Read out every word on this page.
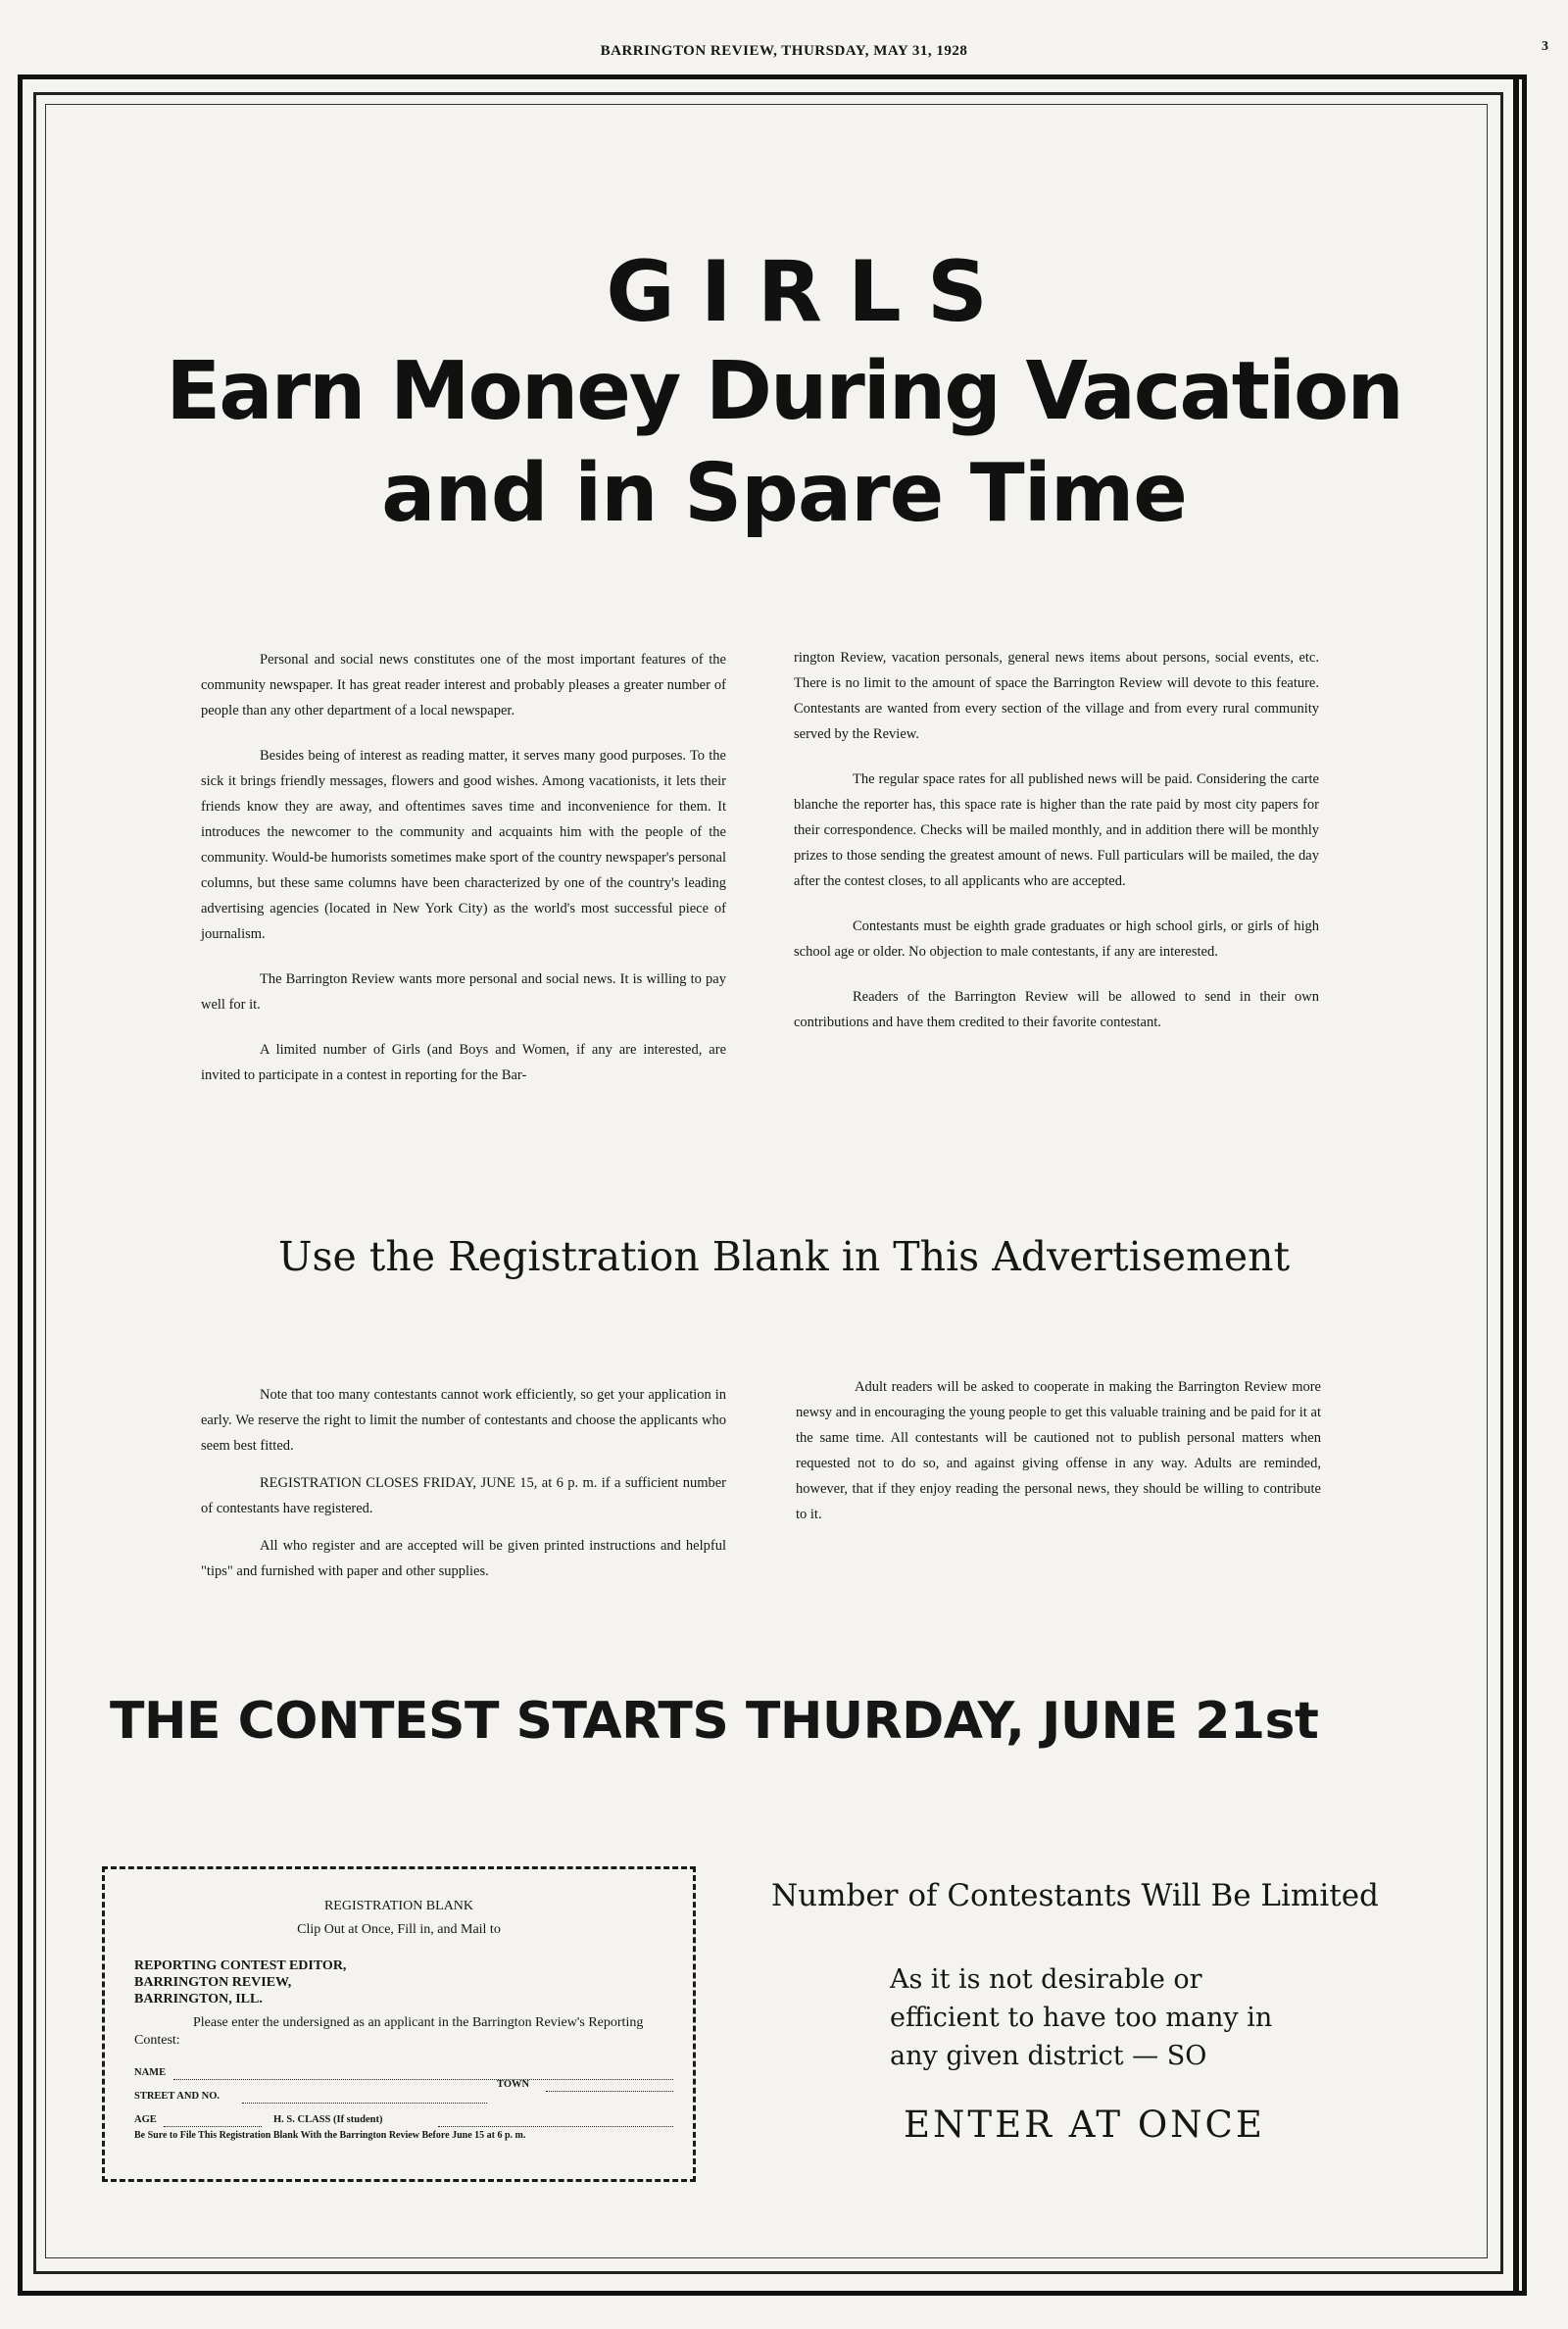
BARRINGTON REVIEW, THURSDAY, MAY 31, 1928	3
GIRLS
Earn Money During Vacation
and in Spare Time

Personal and social news constitutes one of the most important features of the community newspaper. It has great reader interest and probably pleases a greater number of people than any other department of a local newspaper.

Besides being of interest as reading matter, it serves many good purposes. To the sick it brings friendly messages, flowers and good wishes. Among vacationists, it lets their friends know they are away, and oftentimes saves time and inconvenience for them. It introduces the newcomer to the community and acquaints him with the people of the community. Would-be humorists sometimes make sport of the country newspaper's personal columns, but these same columns have been characterized by one of the country's leading advertising agencies (located in New York City) as the world's most successful piece of journalism.

The Barrington Review wants more personal and social news. It is willing to pay well for it.

A limited number of Girls (and Boys and Women, if any are interested, are invited to participate in a contest in reporting for the Bar-

rington Review, vacation personals, general news items about persons, social events, etc. There is no limit to the amount of space the Barrington Review will devote to this feature. Contestants are wanted from every section of the village and from every rural community served by the Review.

The regular space rates for all published news will be paid. Considering the carte blanche the reporter has, this space rate is higher than the rate paid by most city papers for their correspondence. Checks will be mailed monthly, and in addition there will be monthly prizes to those sending the greatest amount of news. Full particulars will be mailed, the day after the contest closes, to all applicants who are accepted.

Contestants must be eighth grade graduates or high school girls, or girls of high school age or older. No objection to male contestants, if any are interested.

Readers of the Barrington Review will be allowed to send in their own contributions and have them credited to their favorite contestant.

Use the Registration Blank in This Advertisement

Note that too many contestants cannot work efficiently, so get your application in early. We reserve the right to limit the number of contestants and choose the applicants who seem best fitted.

REGISTRATION CLOSES FRIDAY, JUNE 15, at 6 p. m. if a sufficient number of contestants have registered.

All who register and are accepted will be given printed instructions and helpful "tips" and furnished with paper and other supplies.

Adult readers will be asked to cooperate in making the Barrington Review more newsy and in encouraging the young people to get this valuable training and be paid for it at the same time. All contestants will be cautioned not to publish personal matters when requested not to do so, and against giving offense in any way. Adults are reminded, however, that if they enjoy reading the personal news, they should be willing to contribute to it.

THE CONTEST STARTS THURDAY, JUNE 21st
REGISTRATION BLANK
Clip Out at Once, Fill in, and Mail to
REPORTING CONTEST EDITOR,
BARRINGTON REVIEW,
BARRINGTON, ILL.
Please enter the undersigned as an applicant in the Barrington Review's Reporting Contest:
NAME
TOWN
STREET AND NO.
AGE	H. S. CLASS (If student)
Be Sure to File This Registration Blank With the Barrington Review Before June 15 at 6 p. m.
Number of Contestants Will Be Limited
As it is not desirable or efficient to have too many in any given district — SO
ENTER AT ONCE
